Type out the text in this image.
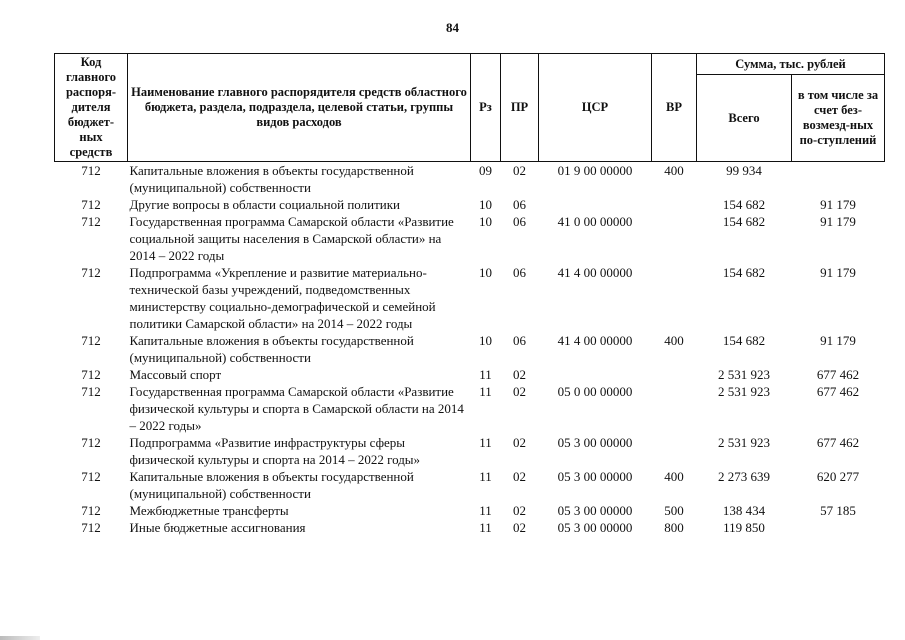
84
Код главного распоря-дителя бюджет-ных средств	Наименование главного распорядителя средств областного бюджета, раздела, подраздела, целевой статьи, группы видов расходов	Рз	ПР	ЦСР	ВР	Сумма, тыс. рублей	
						Всего	в том числе за счет без-возмезд-ных по-ступлений
712	Капитальные вложения в объекты государственной (муниципальной) собственности	09	02	01 9 00 00000	400	99 934	
712	Другие вопросы в области социальной политики	10	06			154 682	91 179
712	Государственная программа Самарской области «Развитие социальной защиты населения в Самарской области» на 2014 – 2022 годы	10	06	41 0 00 00000		154 682	91 179
712	Подпрограмма «Укрепление и развитие материально-технической базы учреждений, подведомственных министерству социально-демографической и семейной политики Самарской области» на 2014 – 2022 годы	10	06	41 4 00 00000		154 682	91 179
712	Капитальные вложения в объекты государственной (муниципальной) собственности	10	06	41 4 00 00000	400	154 682	91 179
712	Массовый спорт	11	02			2 531 923	677 462
712	Государственная программа Самарской области «Развитие физической культуры и спорта в Самарской области на 2014 – 2022 годы»	11	02	05 0 00 00000		2 531 923	677 462
712	Подпрограмма «Развитие инфраструктуры сферы физической культуры и спорта на 2014 – 2022 годы»	11	02	05 3 00 00000		2 531 923	677 462
712	Капитальные вложения в объекты государственной (муниципальной) собственности	11	02	05 3 00 00000	400	2 273 639	620 277
712	Межбюджетные трансферты	11	02	05 3 00 00000	500	138 434	57 185
712	Иные бюджетные ассигнования	11	02	05 3 00 00000	800	119 850	
